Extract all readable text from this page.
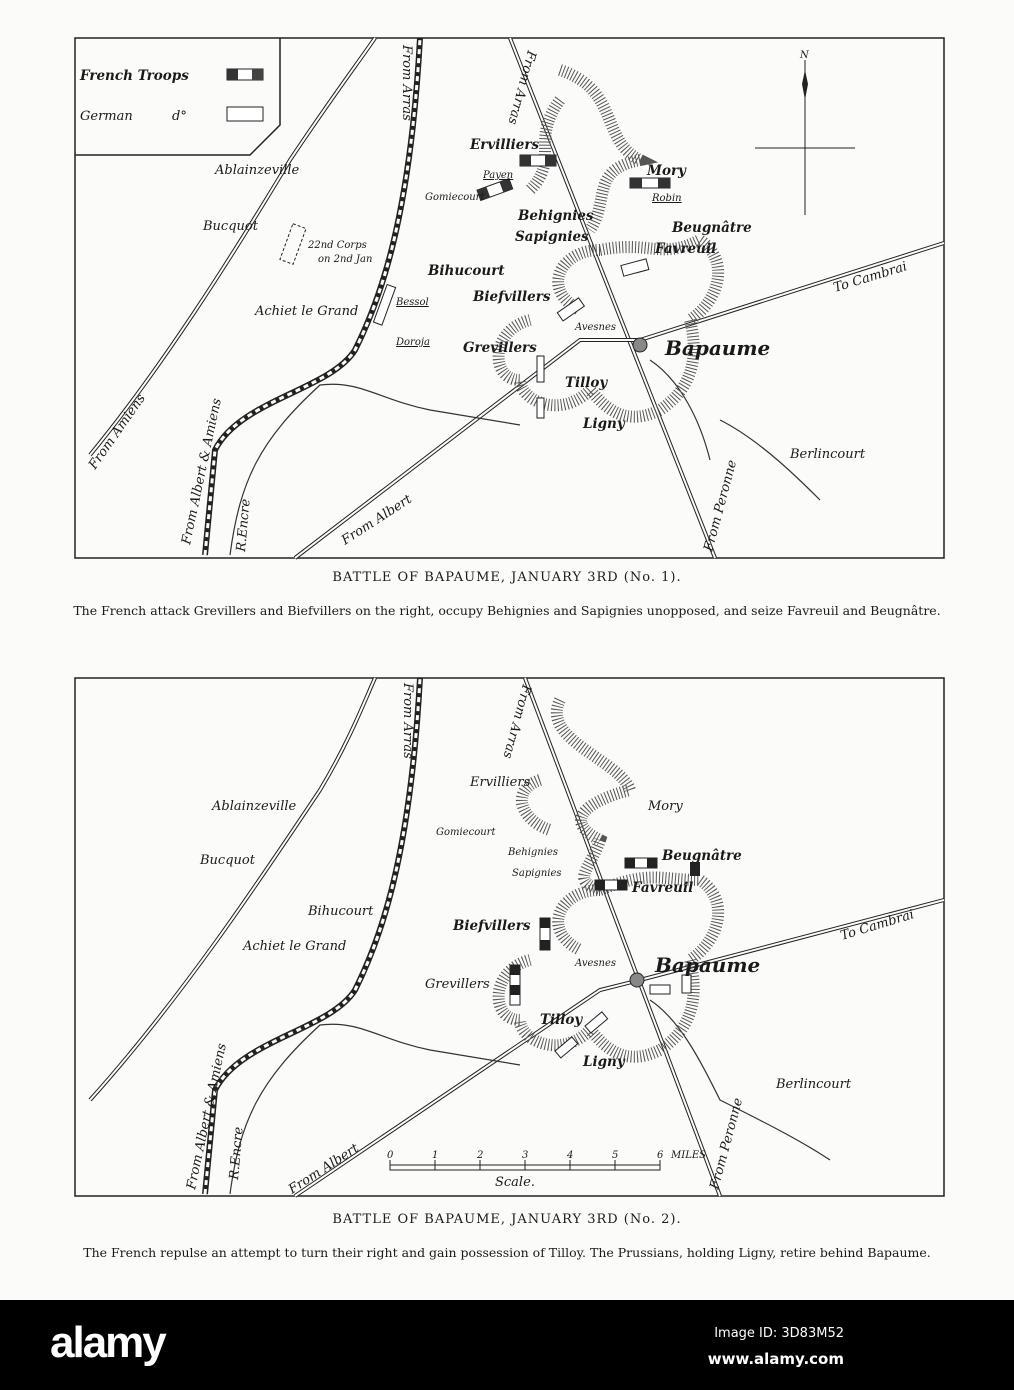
French Troops
German	d°
N
Ablainzeville
Bucquot
22nd Corps
on 2nd Jan
Bihucourt
Achiet le Grand
Bessol
Doroja
Ervilliers
Payen
Gomiecourt
Mory
Robin
Behignies
Sapignies
Beugnâtre
Favreuil
Biefvillers
Avesnes
Grevillers	Bapaume
Tilloy
Ligny
Berlincourt
To Cambrai
From Arras	From Arras
From Amiens From Albert & Amiens R.Encre	From Albert	From Peronne
Ablainzeville
Bucquot
Bihucourt
Achiet le Grand
Ervilliers
Mory
Gomiecourt
Behignies
Sapignies
Beugnâtre
Favreuil
Biefvillers
Avesnes Bapaume
Grevillers
Tilloy
Ligny
Berlincourt
To Cambrai
From Arras	From Arras
From Albert & Amiens
R.Encre	From Albert	From Peronne
0	1	2	3	4	5	6 MILES
Scale.
BATTLE OF BAPAUME, JANUARY 3RD (No. 1).
The French attack Grevillers and Biefvillers on the right, occupy Behignies and Sapignies unopposed, and seize Favreuil and Beugnâtre.
BATTLE OF BAPAUME, JANUARY 3RD (No. 2).
The French repulse an attempt to turn their right and gain possession of Tilloy. The Prussians, holding Ligny, retire behind Bapaume.
alamy	Image ID: 3D83M52
www.alamy.com
